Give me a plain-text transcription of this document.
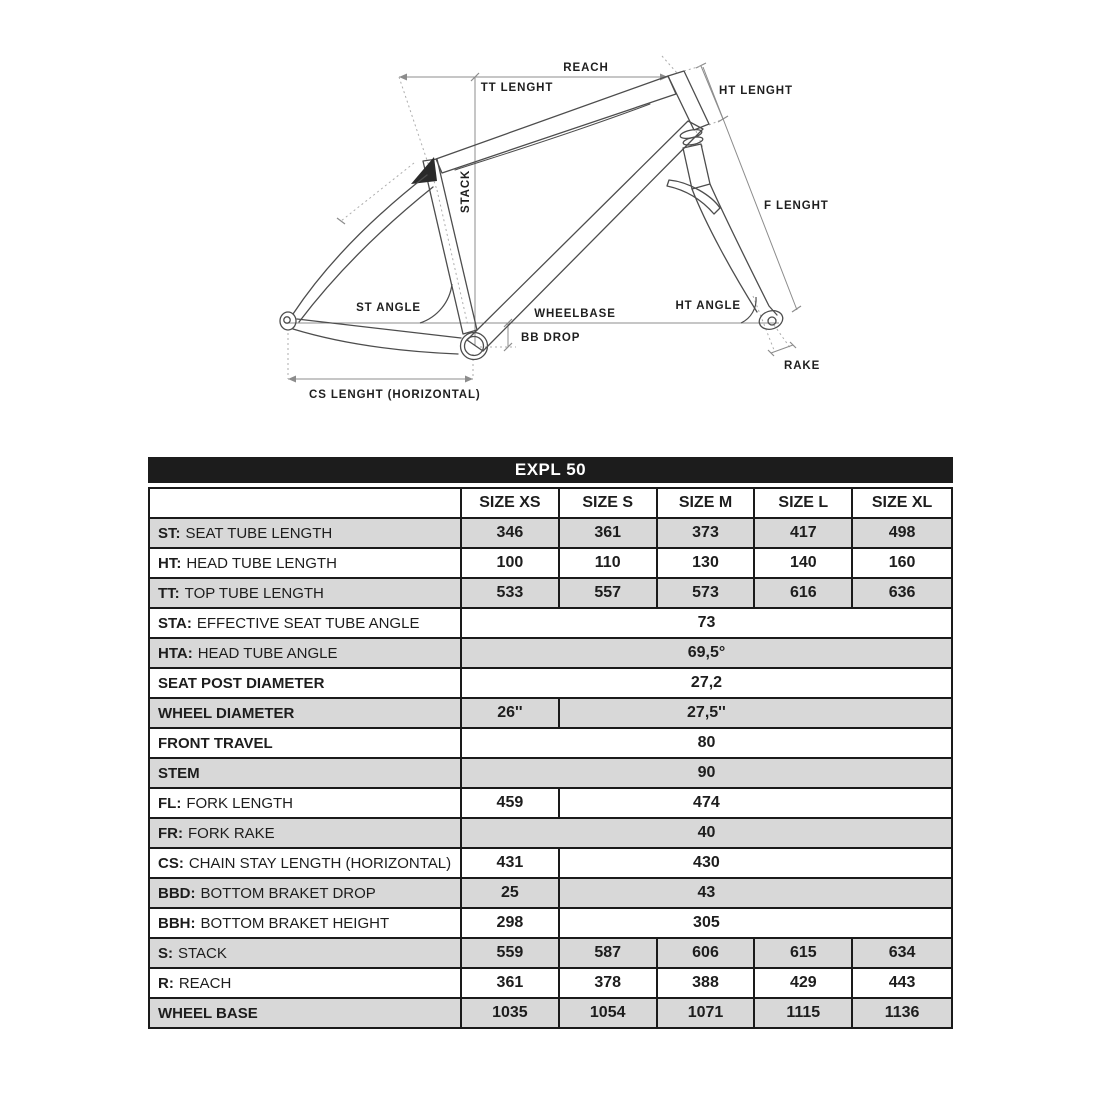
REACH
TT LENGHT	HT LENGHT
STACK	F LENGHT
ST ANGLE	WHEELBASE
BB DROP
HT ANGLE
RAKE
CS LENGHT (HORIZONTAL)
EXPL 50
SIZE XS	SIZE S	SIZE M	SIZE L	SIZE XL
ST: SEAT TUBE LENGTH	346	361	373	417	498
HT: HEAD TUBE LENGTH	100	110	130	140	160
TT: TOP TUBE LENGTH	533	557	573	616	636
STA: EFFECTIVE SEAT TUBE ANGLE	73
HTA: HEAD TUBE ANGLE	69,5°
SEAT POST DIAMETER	27,2
WHEEL DIAMETER	26''	27,5''
FRONT TRAVEL	80
STEM	90
FL: FORK LENGTH	459	474
FR: FORK RAKE	40
CS: CHAIN STAY LENGTH (HORIZONTAL)	431	430
BBD: BOTTOM BRAKET DROP	25	43
BBH: BOTTOM BRAKET HEIGHT	298	305
S: STACK	559	587	606	615	634
R: REACH	361	378	388	429	443
WHEEL BASE	1035	1054	1071	1115	1136
